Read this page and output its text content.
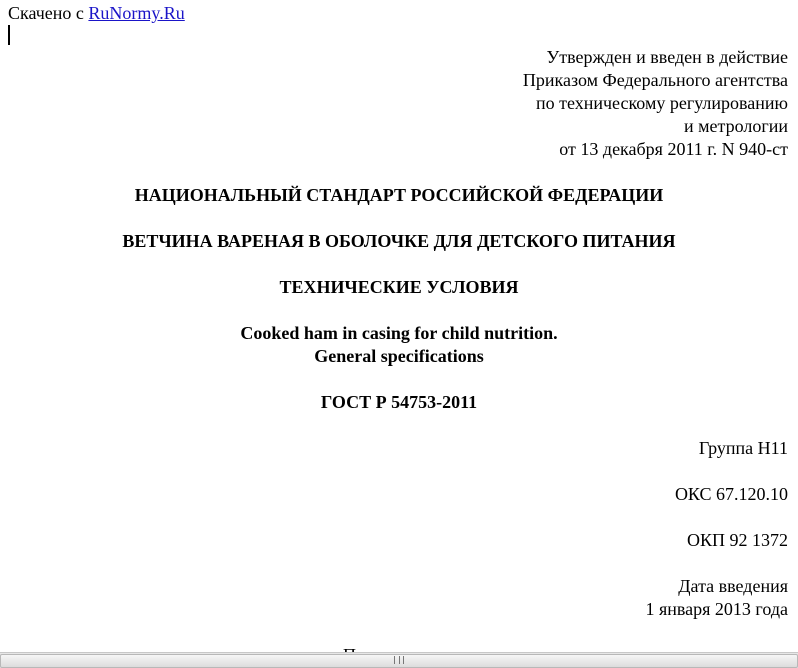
Скачено с RuNormy.Ru
Утвержден и введен в действие
Приказом Федерального агентства
по техническому регулированию
и метрологии
от 13 декабря 2011 г. N 940-ст
НАЦИОНАЛЬНЫЙ СТАНДАРТ РОССИЙСКОЙ ФЕДЕРАЦИИ
ВЕТЧИНА ВАРЕНАЯ В ОБОЛОЧКЕ ДЛЯ ДЕТСКОГО ПИТАНИЯ
ТЕХНИЧЕСКИЕ УСЛОВИЯ
Cooked ham in casing for child nutrition.
General specifications
ГОСТ Р 54753-2011
Группа Н11
ОКС 67.120.10
ОКП 92 1372
Дата введения
1 января 2013 года
